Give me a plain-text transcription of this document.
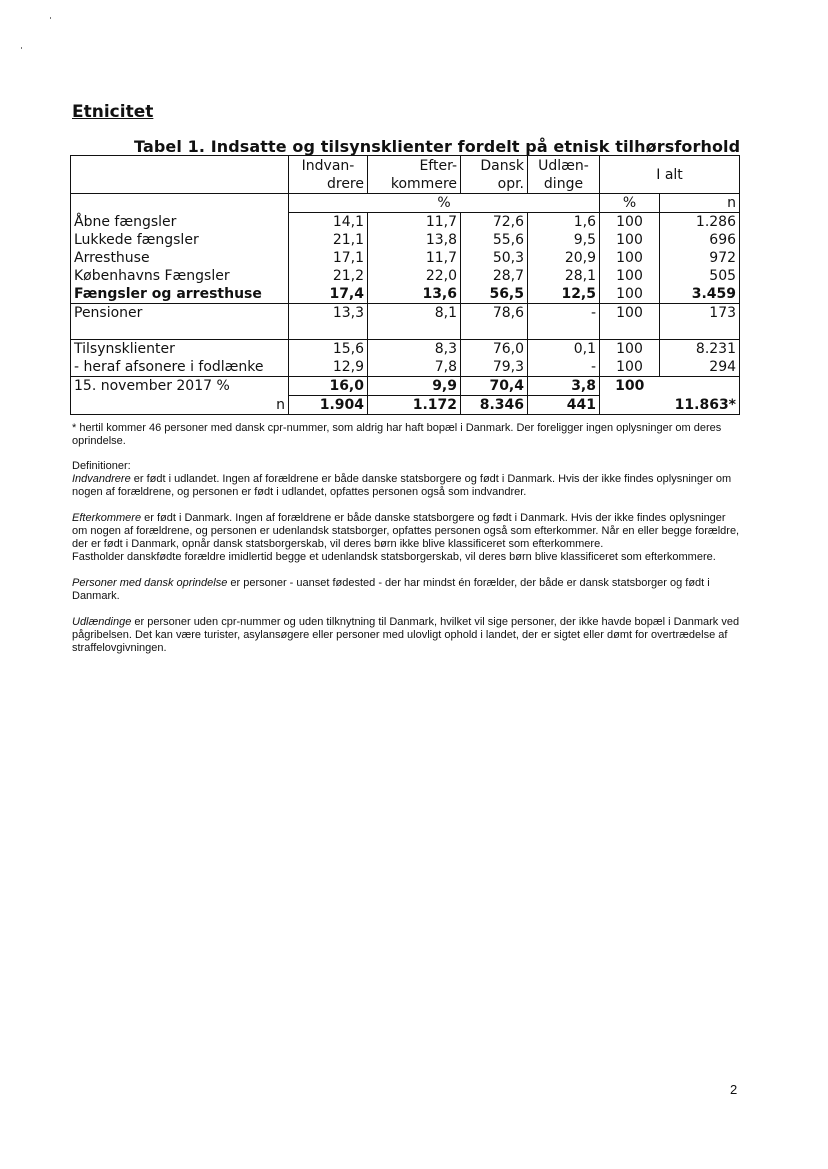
Etnicitet
Tabel 1. Indsatte og tilsynsklienter fordelt på etnisk tilhørsforhold
	Indvan-	Efter-	Dansk	Udlæn-	I alt	
	drere	kommere	opr.	dinge		
	%				%	n
Åbne fængsler	14,1	11,7	72,6	1,6	100	1.286
Lukkede fængsler	21,1	13,8	55,6	9,5	100	696
Arresthuse	17,1	11,7	50,3	20,9	100	972
Københavns Fængsler	21,2	22,0	28,7	28,1	100	505
Fængsler og arresthuse	17,4	13,6	56,5	12,5	100	3.459
Pensioner	13,3	8,1	78,6	-	100	173
Tilsynsklienter	15,6	8,3	76,0	0,1	100	8.231
- heraf afsonere i fodlænke	12,9	7,8	79,3	-	100	294
15. november 2017 %	16,0	9,9	70,4	3,8	100	
n	1.904	1.172	8.346	441		11.863*
* hertil kommer 46 personer med dansk cpr-nummer, som aldrig har haft bopæl i Danmark. Der foreligger ingen oplysninger om deres oprindelse.

Definitioner:

Indvandrere er født i udlandet. Ingen af forældrene er både danske statsborgere og født i Danmark. Hvis der ikke findes oplysninger om nogen af forældrene, og personen er født i udlandet, opfattes personen også som indvandrer.

Efterkommere er født i Danmark. Ingen af forældrene er både danske statsborgere og født i Danmark. Hvis der ikke findes oplysninger om nogen af forældrene, og personen er udenlandsk statsborger, opfattes personen også som efterkommer. Når en eller begge forældre, der er født i Danmark, opnår dansk statsborgerskab, vil deres børn ikke blive klassificeret som efterkommere.

Fastholder danskfødte forældre imidlertid begge et udenlandsk statsborgerskab, vil deres børn blive klassificeret som efterkommere.

Personer med dansk oprindelse er personer - uanset fødested - der har mindst én forælder, der både er dansk statsborger og født i Danmark.

Udlændinge er personer uden cpr-nummer og uden tilknytning til Danmark, hvilket vil sige personer, der ikke havde bopæl i Danmark ved pågribelsen. Det kan være turister, asylansøgere eller personer med ulovligt ophold i landet, der er sigtet eller dømt for overtrædelse af straffelovgivningen.

2
